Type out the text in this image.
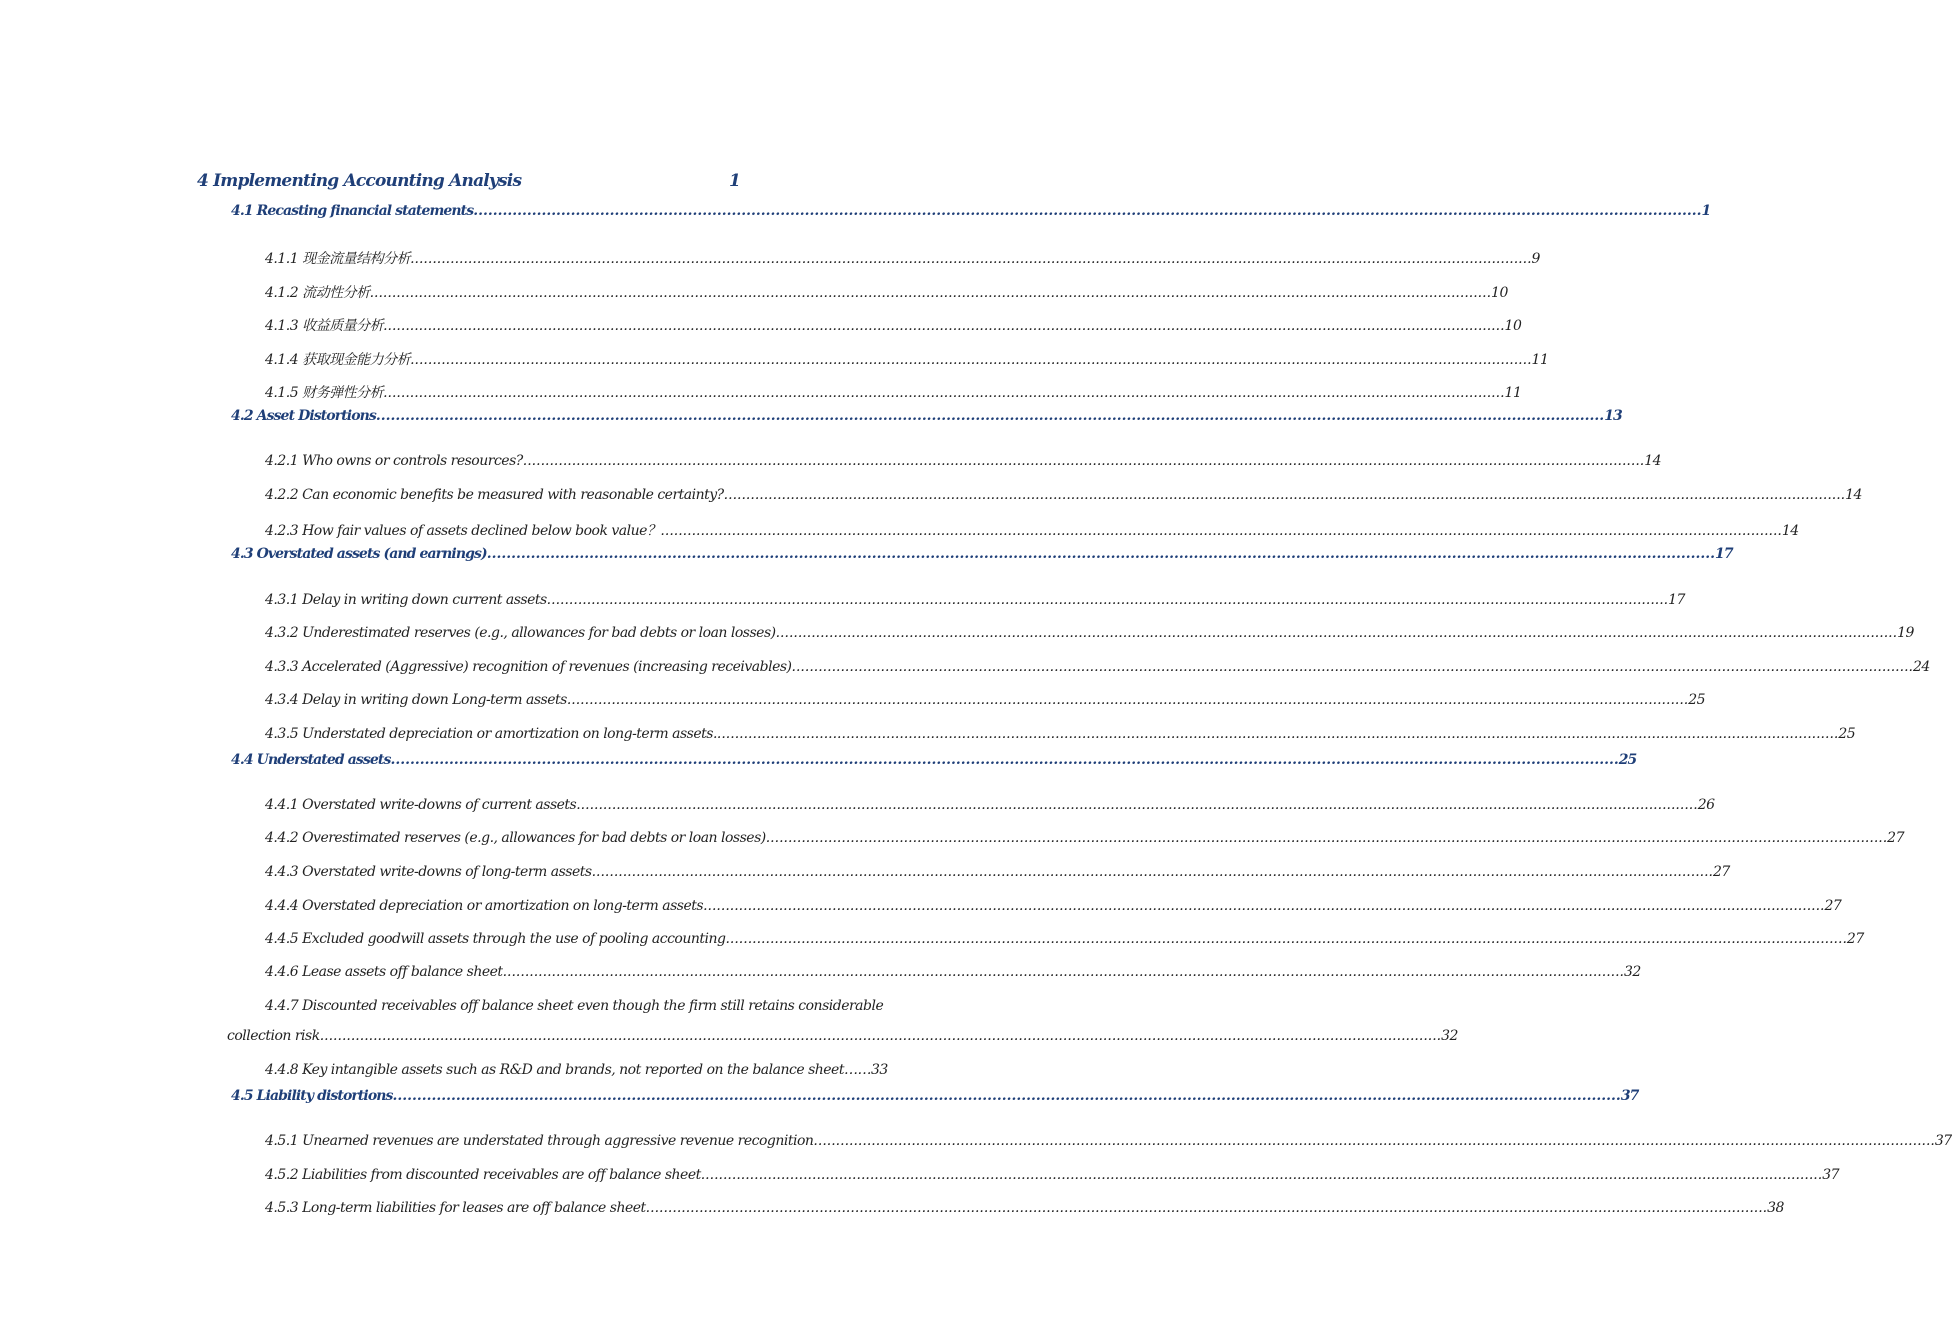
4 Implementing Accounting Analysis	1
4.1 Recasting financial statements .....	1
4.1.1 现金流量结构分析 .....	9
4.1.2 流动性分析 .....	10
4.1.3 收益质量分析 .....	10
4.1.4 获取现金能力分析 .....	11
4.1.5 财务弹性分析 .....	11
4.2 Asset Distortions .....	13
4.2.1 Who owns or controls resources? .....	14
4.2.2 Can economic benefits be measured with reasonable certainty? .....	14
4.2.3 How fair values of assets declined below book value？ .....	14
4.3 Overstated assets (and earnings) .....	17
4.3.1 Delay in writing down current assets .....	17
4.3.2 Underestimated reserves (e.g., allowances for bad debts or loan losses) .....	19
4.3.3 Accelerated (Aggressive) recognition of revenues (increasing receivables) .....	24
4.3.4 Delay in writing down Long-term assets .....	25
4.3.5 Understated depreciation or amortization on long-term assets. .....	25
4.4 Understated assets .....	25
4.4.1 Overstated write-downs of current assets .....	26
4.4.2 Overestimated reserves (e.g., allowances for bad debts or loan losses) .....	27
4.4.3 Overstated write-downs of long-term assets .....	27
4.4.4 Overstated depreciation or amortization on long-term assets .....	27
4.4.5 Excluded goodwill assets through the use of pooling accounting .....	27
4.4.6 Lease assets off balance sheet .....	32
4.4.7 Discounted receivables off balance sheet even though the firm still retains considerable
collection risk .....	32
4.4.8 Key intangible assets such as R&D and brands, not reported on the balance sheet…… 33
4.5 Liability distortions .....	37
4.5.1 Unearned revenues are understated through aggressive revenue recognition .....	37
4.5.2 Liabilities from discounted receivables are off balance sheet .....	37
4.5.3 Long-term liabilities for leases are off balance sheet .....	38
